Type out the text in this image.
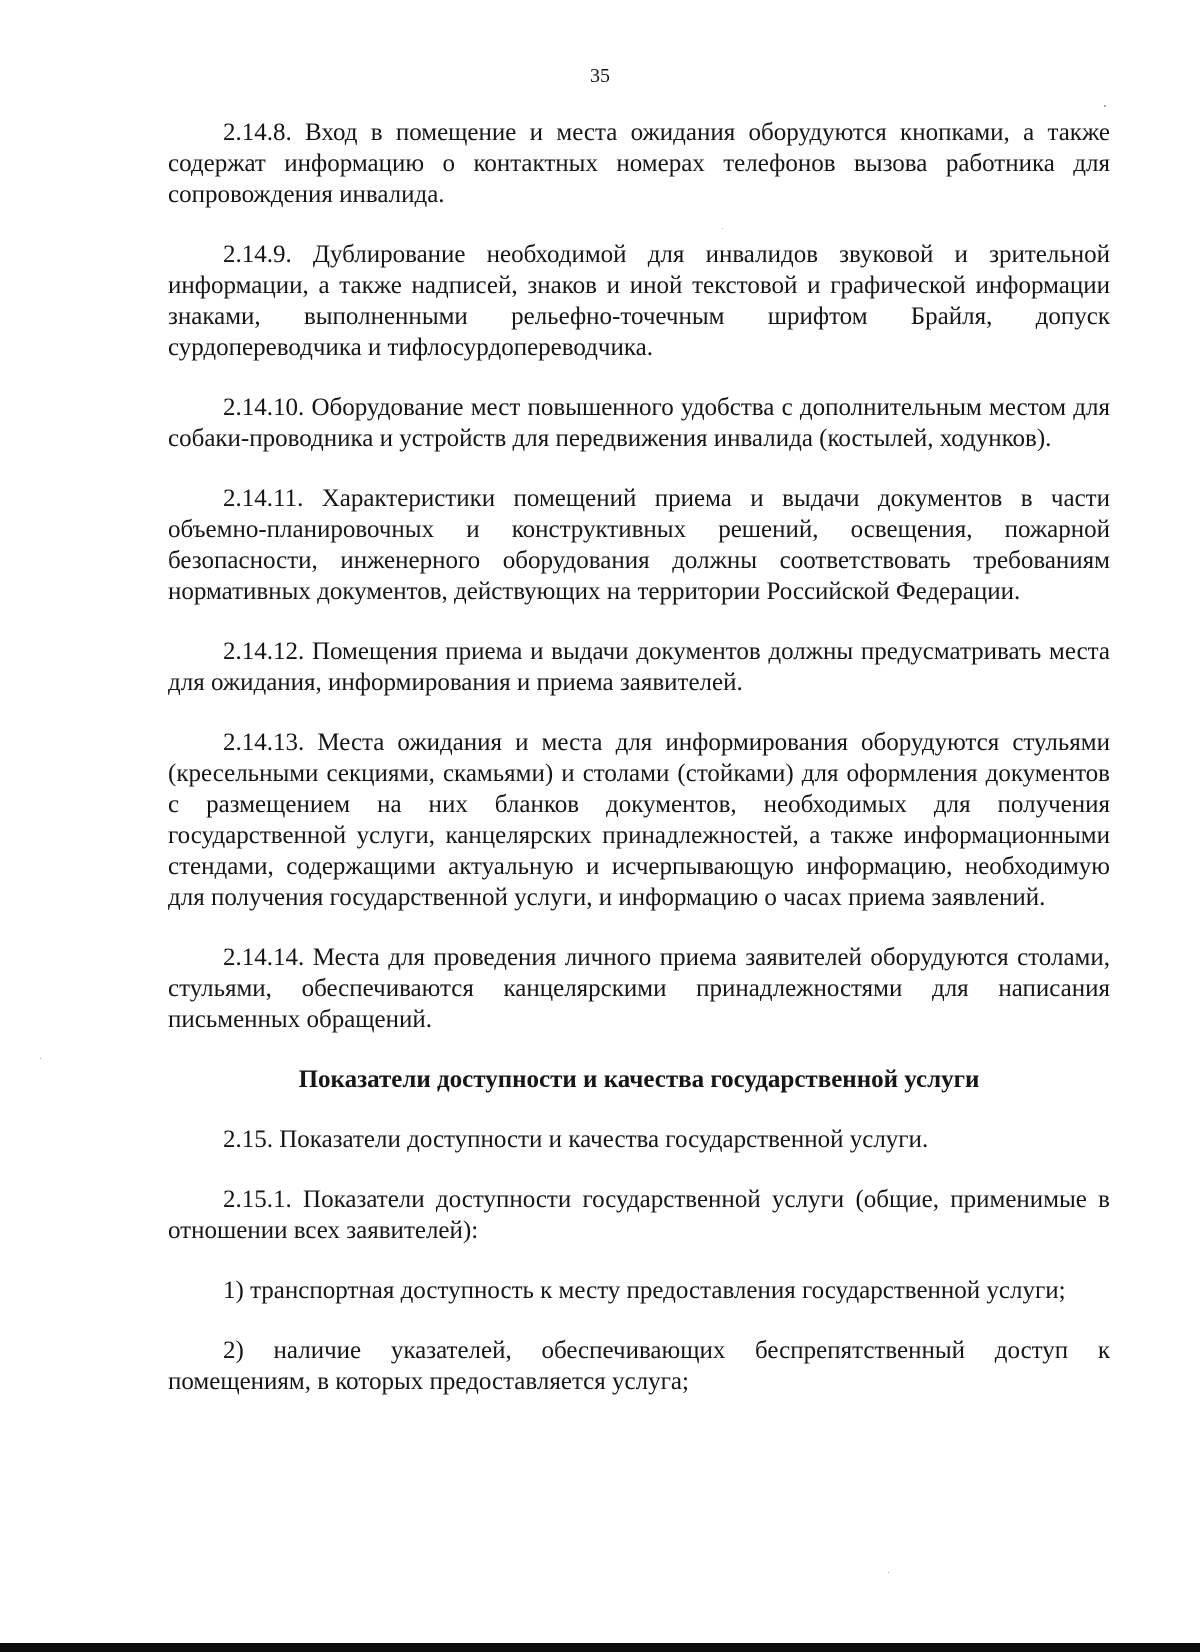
35

2.14.8. Вход в помещение и места ожидания оборудуются кнопками, а также содержат информацию о контактных номерах телефонов вызова работника для сопровождения инвалида.

2.14.9. Дублирование необходимой для инвалидов звуковой и зрительной информации, а также надписей, знаков и иной текстовой и графической информации знаками, выполненными рельефно-точечным шрифтом Брайля, допуск сурдопереводчика и тифлосурдопереводчика.

2.14.10. Оборудование мест повышенного удобства с дополнительным местом для собаки-проводника и устройств для передвижения инвалида (костылей, ходунков).

2.14.11. Характеристики помещений приема и выдачи документов в части объемно-планировочных и конструктивных решений, освещения, пожарной безопасности, инженерного оборудования должны соответствовать требованиям нормативных документов, действующих на территории Российской Федерации.

2.14.12. Помещения приема и выдачи документов должны предусматривать места для ожидания, информирования и приема заявителей.

2.14.13. Места ожидания и места для информирования оборудуются стульями (кресельными секциями, скамьями) и столами (стойками) для оформления документов с размещением на них бланков документов, необходимых для получения государственной услуги, канцелярских принадлежностей, а также информационными стендами, содержащими актуальную и исчерпывающую информацию, необходимую для получения государственной услуги, и информацию о часах приема заявлений.

2.14.14. Места для проведения личного приема заявителей оборудуются столами, стульями, обеспечиваются канцелярскими принадлежностями для написания письменных обращений.

Показатели доступности и качества государственной услуги

2.15. Показатели доступности и качества государственной услуги.

2.15.1. Показатели доступности государственной услуги (общие, применимые в отношении всех заявителей):

1) транспортная доступность к месту предоставления государственной услуги;

2) наличие указателей, обеспечивающих беспрепятственный доступ к помещениям, в которых предоставляется услуга;
